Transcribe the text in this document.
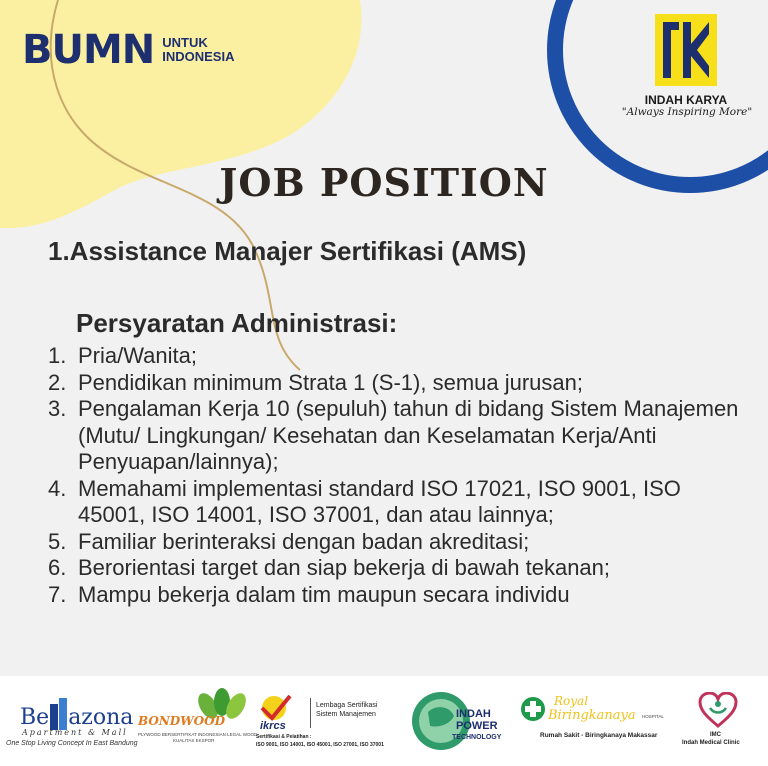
BUMN UNTUK
INDONESIA
INDAH KARYA
"Always Inspiring More"
JOB POSITION
1.Assistance Manajer Sertifikasi (AMS)
Persyaratan Administrasi:
1. Pria/Wanita;
2. Pendidikan minimum Strata 1 (S-1), semua jurusan;
3. Pengalaman Kerja 10 (sepuluh) tahun di bidang Sistem Manajemen (Mutu/ Lingkungan/ Kesehatan dan Keselamatan Kerja/Anti Penyuapan/lainnya);
4. Memahami implementasi standard ISO 17021, ISO 9001, ISO 45001, ISO 14001, ISO 37001, dan atau lainnya;
5. Familiar berinteraksi dengan badan akreditasi;
6. Berorientasi target dan siap bekerja di bawah tekanan;
7. Mampu bekerja dalam tim maupun secara individu
Be azona
Apartment & Mall
One Stop Living Concept In East Bandung
BONDWOOD
PLYWOOD BERSERTIFIKAT INDONESIAN LEGAL WOOD
KUALITAS EKSPOR
ikrcs
Lembaga Sertifikasi
Sistem Manajemen
Sertifikasi & Pelatihan :
ISO 9001, ISO 14001, ISO 45001, ISO 27001, ISO 37001
INDAH
POWER
TECHNOLOGY
Royal
Biringkanaya HOSPITAL
Rumah Sakit - Biringkanaya Makassar	IMC
Indah Medical Clinic
